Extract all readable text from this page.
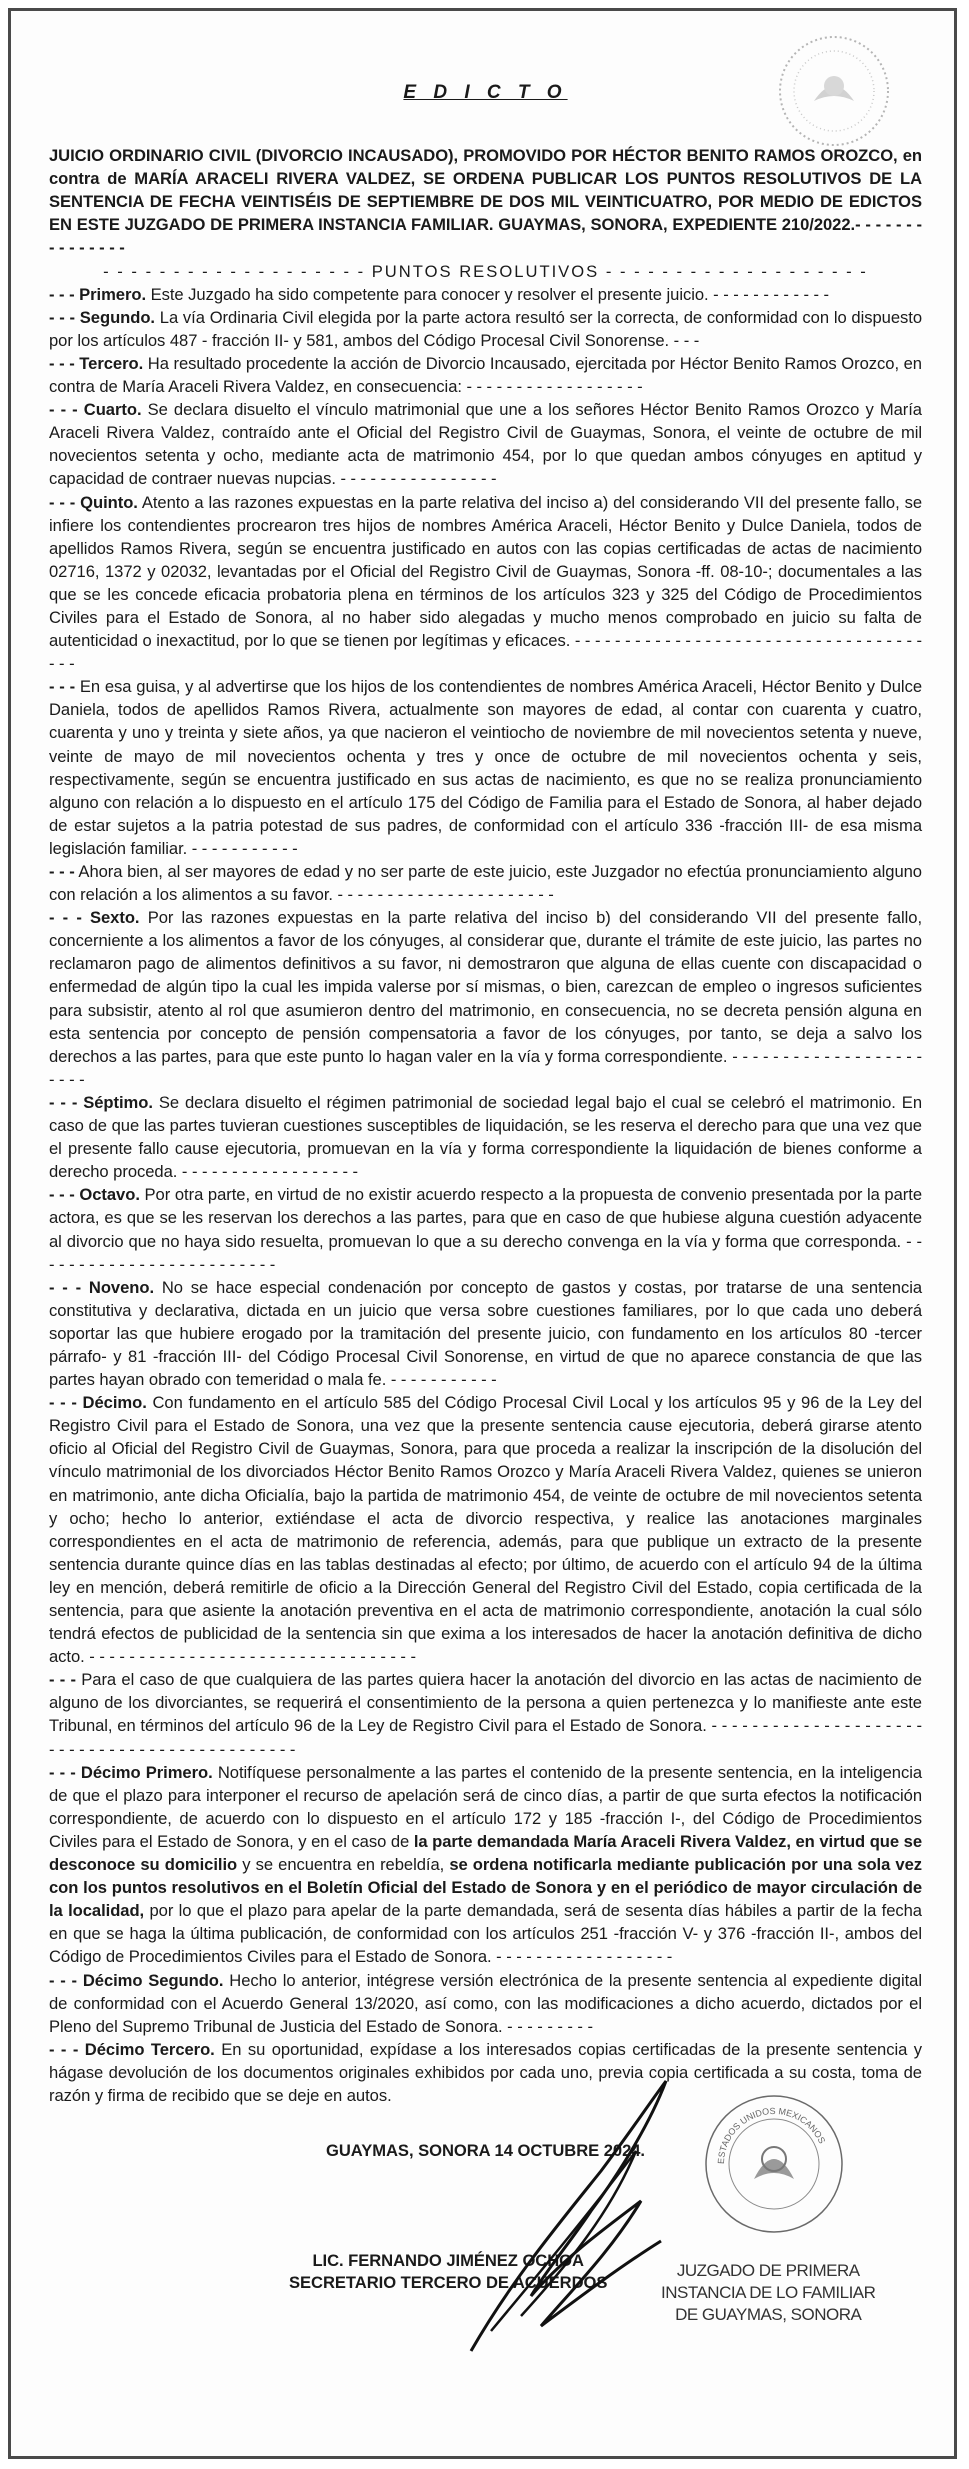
E D I C T O

JUICIO ORDINARIO CIVIL (DIVORCIO INCAUSADO), PROMOVIDO POR HÉCTOR BENITO RAMOS OROZCO, en contra de MARÍA ARACELI RIVERA VALDEZ, SE ORDENA PUBLICAR LOS PUNTOS RESOLUTIVOS DE LA SENTENCIA DE FECHA VEINTISÉIS DE SEPTIEMBRE DE DOS MIL VEINTICUATRO, POR MEDIO DE EDICTOS EN ESTE JUZGADO DE PRIMERA INSTANCIA FAMILIAR. GUAYMAS, SONORA, EXPEDIENTE 210/2022.- - - - - - - - - - - - - - -

- - - - - - - - - - - - - - - - - - - PUNTOS RESOLUTIVOS - - - - - - - - - - - - - - - - - - -

- - - Primero. Este Juzgado ha sido competente para conocer y resolver el presente juicio. - - - - - - - - - - - -

- - - Segundo. La vía Ordinaria Civil elegida por la parte actora resultó ser la correcta, de conformidad con lo dispuesto por los artículos 487 - fracción II- y 581, ambos del Código Procesal Civil Sonorense. - - -

- - - Tercero. Ha resultado procedente la acción de Divorcio Incausado, ejercitada por Héctor Benito Ramos Orozco, en contra de María Araceli Rivera Valdez, en consecuencia: - - - - - - - - - - - - - - - - - -

- - - Cuarto. Se declara disuelto el vínculo matrimonial que une a los señores Héctor Benito Ramos Orozco y María Araceli Rivera Valdez, contraído ante el Oficial del Registro Civil de Guaymas, Sonora, el veinte de octubre de mil novecientos setenta y ocho, mediante acta de matrimonio 454, por lo que quedan ambos cónyuges en aptitud y capacidad de contraer nuevas nupcias. - - - - - - - - - - - - - - - -

- - - Quinto. Atento a las razones expuestas en la parte relativa del inciso a) del considerando VII del presente fallo, se infiere los contendientes procrearon tres hijos de nombres América Araceli, Héctor Benito y Dulce Daniela, todos de apellidos Ramos Rivera, según se encuentra justificado en autos con las copias certificadas de actas de nacimiento 02716, 1372 y 02032, levantadas por el Oficial del Registro Civil de Guaymas, Sonora -ff. 08-10-; documentales a las que se les concede eficacia probatoria plena en términos de los artículos 323 y 325 del Código de Procedimientos Civiles para el Estado de Sonora, al no haber sido alegadas y mucho menos comprobado en juicio su falta de autenticidad o inexactitud, por lo que se tienen por legítimas y eficaces. - - - - - - - - - - - - - - - - - - - - - - - - - - - - - - - - - - - - - -

- - - En esa guisa, y al advertirse que los hijos de los contendientes de nombres América Araceli, Héctor Benito y Dulce Daniela, todos de apellidos Ramos Rivera, actualmente son mayores de edad, al contar con cuarenta y cuatro, cuarenta y uno y treinta y siete años, ya que nacieron el veintiocho de noviembre de mil novecientos setenta y nueve, veinte de mayo de mil novecientos ochenta y tres y once de octubre de mil novecientos ochenta y seis, respectivamente, según se encuentra justificado en sus actas de nacimiento, es que no se realiza pronunciamiento alguno con relación a lo dispuesto en el artículo 175 del Código de Familia para el Estado de Sonora, al haber dejado de estar sujetos a la patria potestad de sus padres, de conformidad con el artículo 336 -fracción III- de esa misma legislación familiar. - - - - - - - - - - -

- - - Ahora bien, al ser mayores de edad y no ser parte de este juicio, este Juzgador no efectúa pronunciamiento alguno con relación a los alimentos a su favor. - - - - - - - - - - - - - - - - - - - - - -

- - - Sexto. Por las razones expuestas en la parte relativa del inciso b) del considerando VII del presente fallo, concerniente a los alimentos a favor de los cónyuges, al considerar que, durante el trámite de este juicio, las partes no reclamaron pago de alimentos definitivos a su favor, ni demostraron que alguna de ellas cuente con discapacidad o enfermedad de algún tipo la cual les impida valerse por sí mismas, o bien, carezcan de empleo o ingresos suficientes para subsistir, atento al rol que asumieron dentro del matrimonio, en consecuencia, no se decreta pensión alguna en esta sentencia por concepto de pensión compensatoria a favor de los cónyuges, por tanto, se deja a salvo los derechos a las partes, para que este punto lo hagan valer en la vía y forma correspondiente. - - - - - - - - - - - - - - - - - - - - - - -

- - - Séptimo. Se declara disuelto el régimen patrimonial de sociedad legal bajo el cual se celebró el matrimonio. En caso de que las partes tuvieran cuestiones susceptibles de liquidación, se les reserva el derecho para que una vez que el presente fallo cause ejecutoria, promuevan en la vía y forma correspondiente la liquidación de bienes conforme a derecho proceda. - - - - - - - - - - - - - - - - - -

- - - Octavo. Por otra parte, en virtud de no existir acuerdo respecto a la propuesta de convenio presentada por la parte actora, es que se les reservan los derechos a las partes, para que en caso de que hubiese alguna cuestión adyacente al divorcio que no haya sido resuelta, promuevan lo que a su derecho convenga en la vía y forma que corresponda. - - - - - - - - - - - - - - - - - - - - - - - - -

- - - Noveno. No se hace especial condenación por concepto de gastos y costas, por tratarse de una sentencia constitutiva y declarativa, dictada en un juicio que versa sobre cuestiones familiares, por lo que cada uno deberá soportar las que hubiere erogado por la tramitación del presente juicio, con fundamento en los artículos 80 -tercer párrafo- y 81 -fracción III- del Código Procesal Civil Sonorense, en virtud de que no aparece constancia de que las partes hayan obrado con temeridad o mala fe. - - - - - - - - - - -

- - - Décimo. Con fundamento en el artículo 585 del Código Procesal Civil Local y los artículos 95 y 96 de la Ley del Registro Civil para el Estado de Sonora, una vez que la presente sentencia cause ejecutoria, deberá girarse atento oficio al Oficial del Registro Civil de Guaymas, Sonora, para que proceda a realizar la inscripción de la disolución del vínculo matrimonial de los divorciados Héctor Benito Ramos Orozco y María Araceli Rivera Valdez, quienes se unieron en matrimonio, ante dicha Oficialía, bajo la partida de matrimonio 454, de veinte de octubre de mil novecientos setenta y ocho; hecho lo anterior, extiéndase el acta de divorcio respectiva, y realice las anotaciones marginales correspondientes en el acta de matrimonio de referencia, además, para que publique un extracto de la presente sentencia durante quince días en las tablas destinadas al efecto; por último, de acuerdo con el artículo 94 de la última ley en mención, deberá remitirle de oficio a la Dirección General del Registro Civil del Estado, copia certificada de la sentencia, para que asiente la anotación preventiva en el acta de matrimonio correspondiente, anotación la cual sólo tendrá efectos de publicidad de la sentencia sin que exima a los interesados de hacer la anotación definitiva de dicho acto. - - - - - - - - - - - - - - - - - - - - - - - - - - - - - - - - -

- - - Para el caso de que cualquiera de las partes quiera hacer la anotación del divorcio en las actas de nacimiento de alguno de los divorciantes, se requerirá el consentimiento de la persona a quien pertenezca y lo manifieste ante este Tribunal, en términos del artículo 96 de la Ley de Registro Civil para el Estado de Sonora. - - - - - - - - - - - - - - - - - - - - - - - - - - - - - - - - - - - - - - - - - - - - - -

- - - Décimo Primero. Notifíquese personalmente a las partes el contenido de la presente sentencia, en la inteligencia de que el plazo para interponer el recurso de apelación será de cinco días, a partir de que surta efectos la notificación correspondiente, de acuerdo con lo dispuesto en el artículo 172 y 185 -fracción I-, del Código de Procedimientos Civiles para el Estado de Sonora, y en el caso de la parte demandada María Araceli Rivera Valdez, en virtud que se desconoce su domicilio y se encuentra en rebeldía, se ordena notificarla mediante publicación por una sola vez con los puntos resolutivos en el Boletín Oficial del Estado de Sonora y en el periódico de mayor circulación de la localidad, por lo que el plazo para apelar de la parte demandada, será de sesenta días hábiles a partir de la fecha en que se haga la última publicación, de conformidad con los artículos 251 -fracción V- y 376 -fracción II-, ambos del Código de Procedimientos Civiles para el Estado de Sonora. - - - - - - - - - - - - - - - - - -

- - - Décimo Segundo. Hecho lo anterior, intégrese versión electrónica de la presente sentencia al expediente digital de conformidad con el Acuerdo General 13/2020, así como, con las modificaciones a dicho acuerdo, dictados por el Pleno del Supremo Tribunal de Justicia del Estado de Sonora. - - - - - - - - -

- - - Décimo Tercero. En su oportunidad, expídase a los interesados copias certificadas de la presente sentencia y hágase devolución de los documentos originales exhibidos por cada uno, previa copia certificada a su costa, toma de razón y firma de recibido que se deje en autos.

GUAYMAS, SONORA 14 OCTUBRE 2024.
LIC. FERNANDO JIMÉNEZ OCHOA
SECRETARIO TERCERO DE ACUERDOS
JUZGADO DE PRIMERA
INSTANCIA DE LO FAMILIAR
DE GUAYMAS, SONORA
ESTADOS UNIDOS MEXICANOS
